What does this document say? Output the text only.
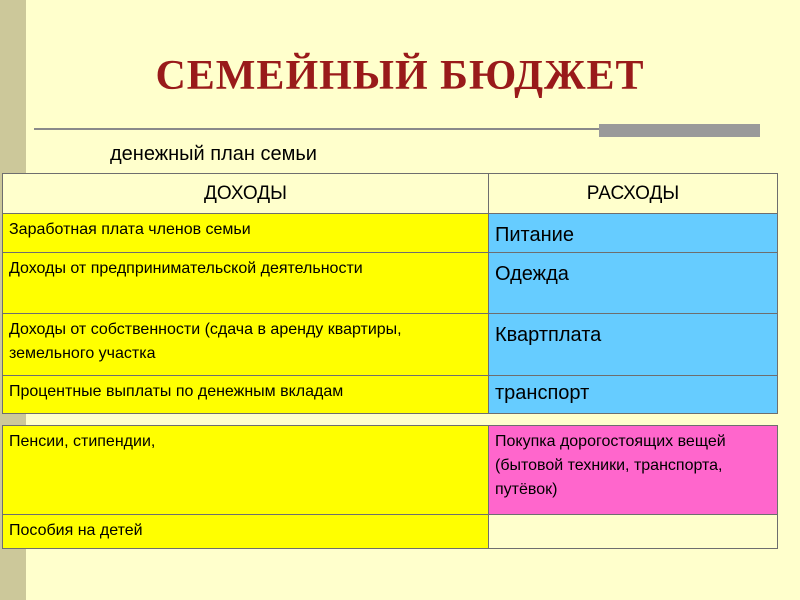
СЕМЕЙНЫЙ БЮДЖЕТ
денежный план семьи
ДОХОДЫ	РАСХОДЫ
Заработная плата членов семьи	Питание
Доходы от предпринимательской деятельности	Одежда
Доходы от собственности (сдача в аренду квартиры, земельного участка	Квартплата
Процентные выплаты по денежным вкладам	транспорт
Пенсии, стипендии,	Покупка дорогостоящих вещей (бытовой техники, транспорта, путёвок)
Пособия на детей	
